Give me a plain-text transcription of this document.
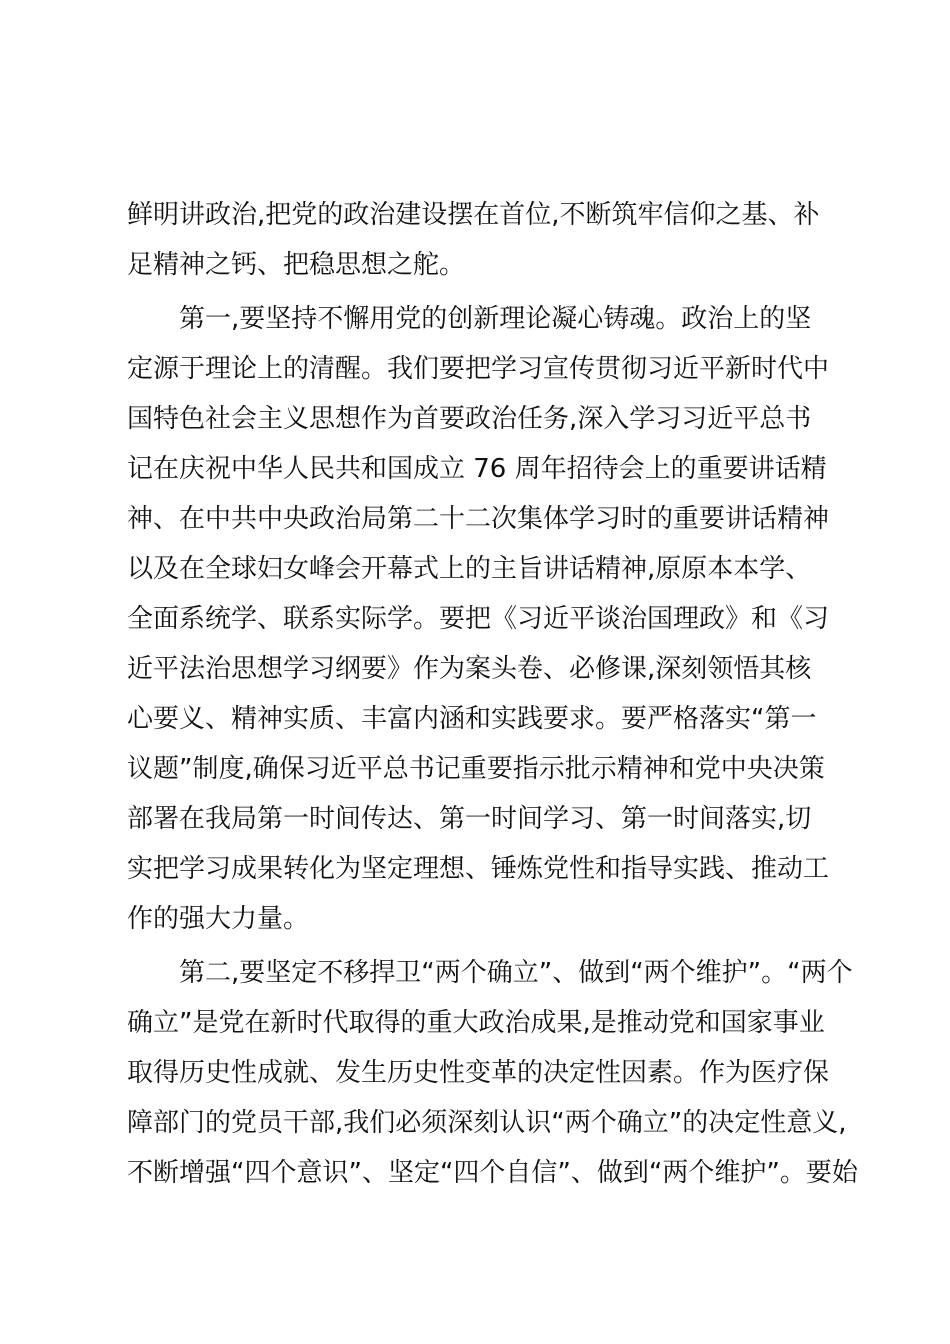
鲜明讲政治,把党的政治建设摆在首位,不断筑牢信仰之基、补
足精神之钙、把稳思想之舵。

第一,要坚持不懈用党的创新理论凝心铸魂。政治上的坚
定源于理论上的清醒。我们要把学习宣传贯彻习近平新时代中
国特色社会主义思想作为首要政治任务,深入学习习近平总书
记在庆祝中华人民共和国成立 76 周年招待会上的重要讲话精
神、在中共中央政治局第二十二次集体学习时的重要讲话精神
以及在全球妇女峰会开幕式上的主旨讲话精神,原原本本学、
全面系统学、联系实际学。要把《习近平谈治国理政》和《习
近平法治思想学习纲要》作为案头卷、必修课,深刻领悟其核
心要义、精神实质、丰富内涵和实践要求。要严格落实“第一
议题”制度,确保习近平总书记重要指示批示精神和党中央决策
部署在我局第一时间传达、第一时间学习、第一时间落实,切
实把学习成果转化为坚定理想、锤炼党性和指导实践、推动工
作的强大力量。

第二,要坚定不移捍卫“两个确立”、做到“两个维护”。“两个
确立”是党在新时代取得的重大政治成果,是推动党和国家事业
取得历史性成就、发生历史性变革的决定性因素。作为医疗保
障部门的党员干部,我们必须深刻认识“两个确立”的决定性意义,
不断增强“四个意识”、坚定“四个自信”、做到“两个维护”。要始
